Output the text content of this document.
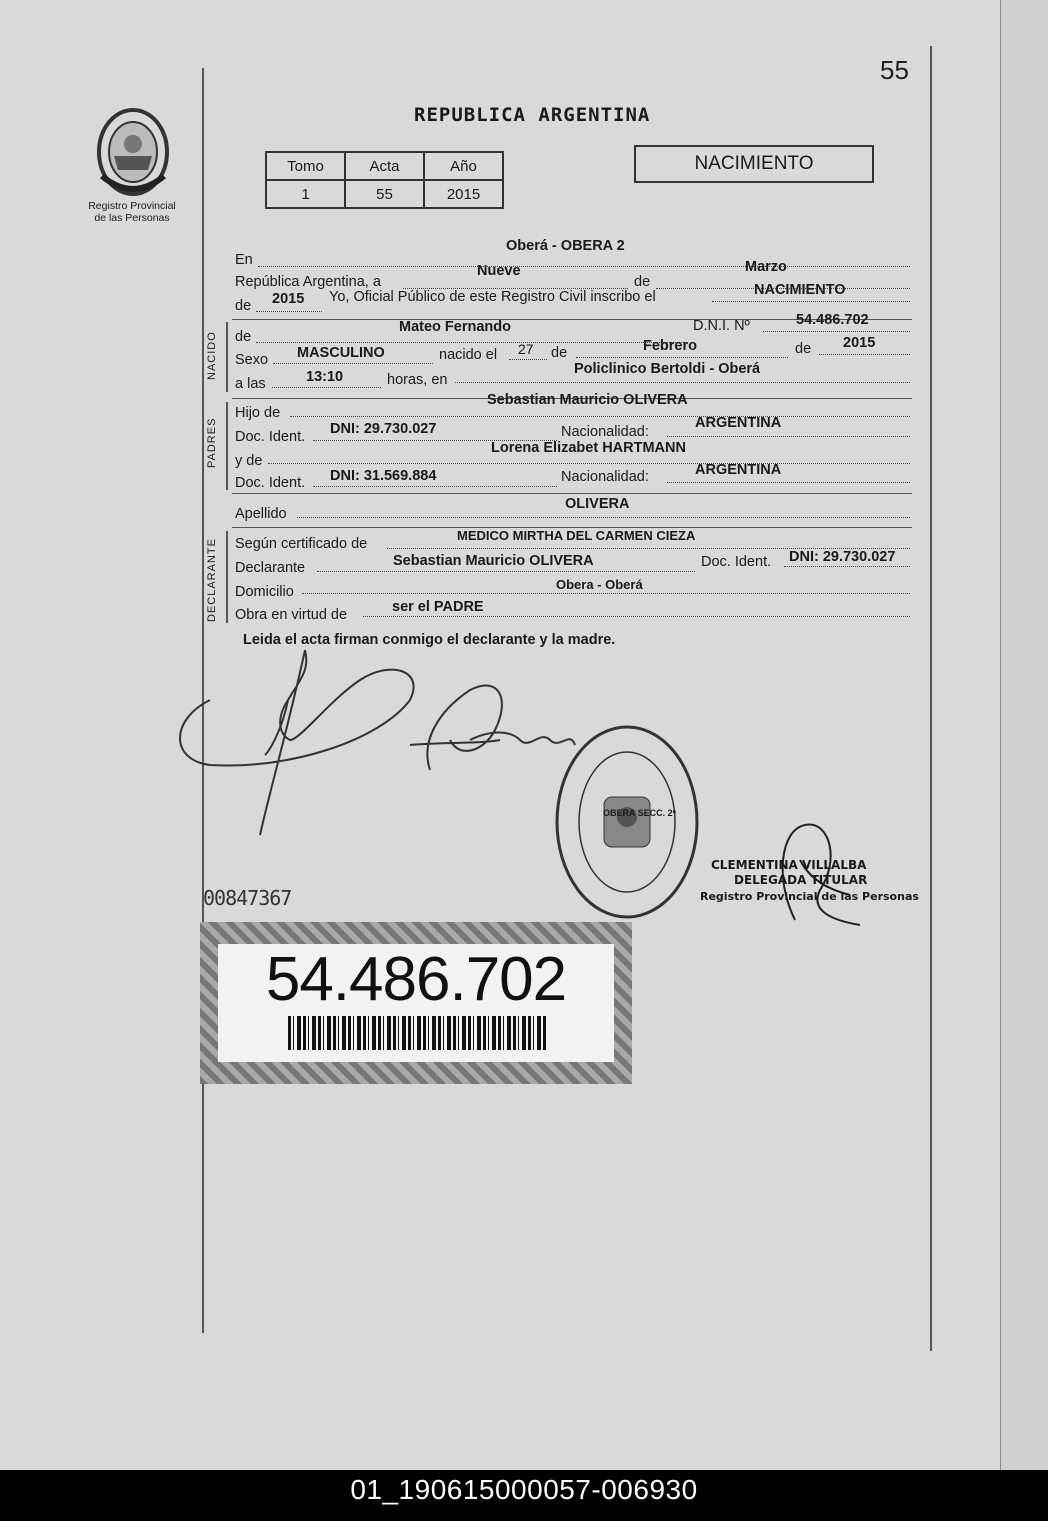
55
Registro Provincial
de las Personas
REPUBLICA ARGENTINA
Tomo	Acta	Año
1	55	2015
NACIMIENTO
En
Oberá - OBERA 2
República Argentina, a
Nueve
de
Marzo
de 2015 Yo, Oficial Público de este Registro Civil inscribo el	NACIMIENTO
NACIDO de
Mateo Fernando	D.N.I. Nº	54.486.702
Sexo MASCULINO	nacido el 27 de	Febrero	de 2015
a las	13:10	horas, en
Policlinico Bertoldi - Oberá
PADRES
Hijo de
Sebastian Mauricio OLIVERA
Doc. Ident. DNI: 29.730.027	Nacionalidad:
ARGENTINA
y de
Lorena Elizabet HARTMANN
Doc. Ident. DNI: 31.569.884	Nacionalidad:	ARGENTINA
Apellido
OLIVERA
DECLARANTE Según certificado de
MEDICO MIRTHA DEL CARMEN CIEZA
Declarante	Sebastian Mauricio OLIVERA	Doc. Ident. DNI: 29.730.027
Domicilio	Obera - Oberá
Obra en virtud de	ser el PADRE
Leida el acta firman conmigo el declarante y la madre.
OBERA SECC. 2ª
CLEMENTINA VILLALBA
DELEGADA TITULAR
Registro Provincial de las Personas
00847367
54.486.702
01_190615000057-006930
